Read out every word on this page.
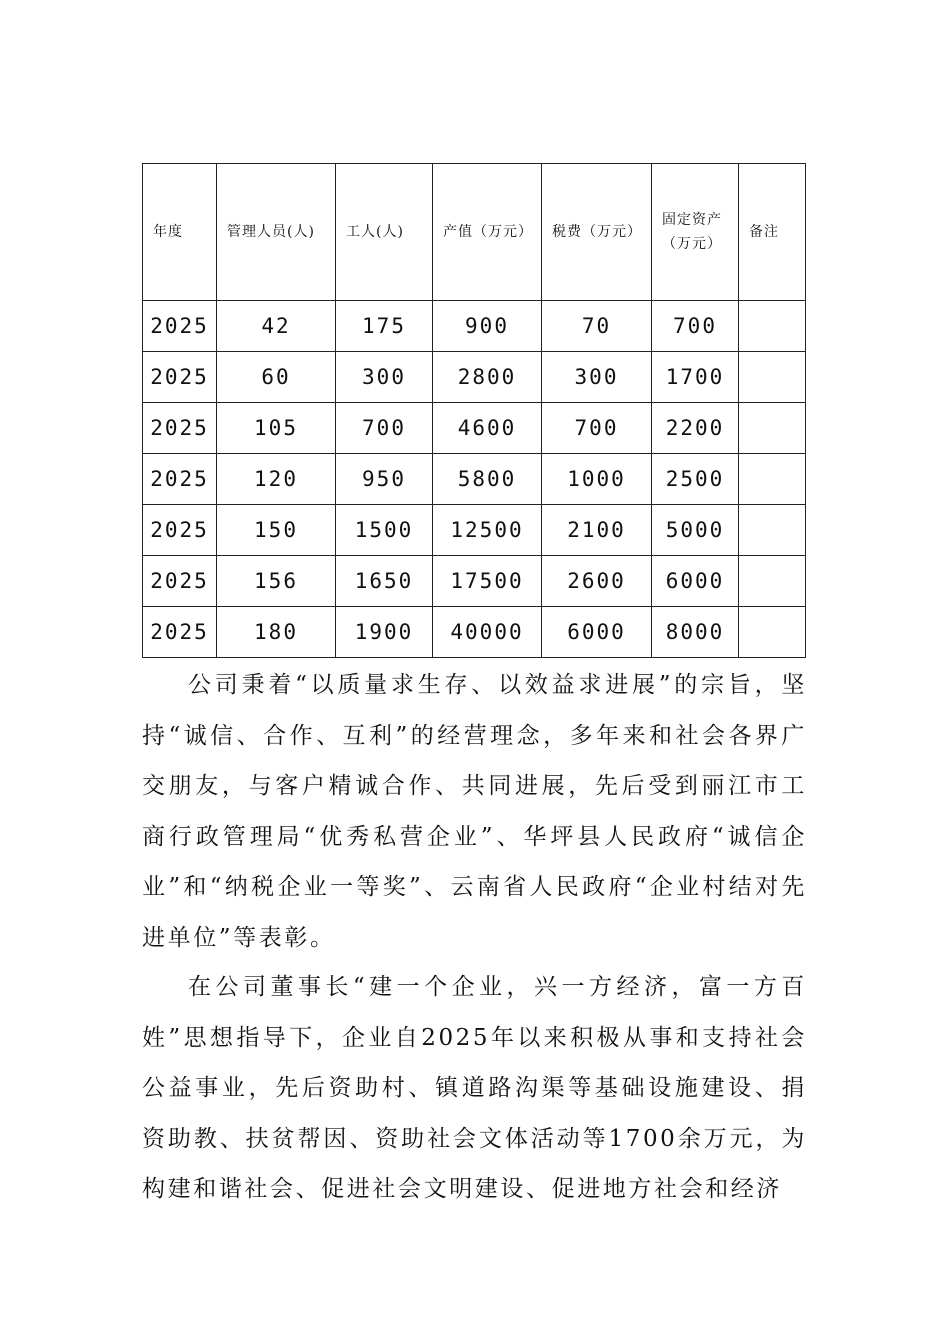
年度	管理人员(人)	工人(人)	产值（万元）	税费（万元）	固定资产（万元）	备注
2025	42	175	900	70	700	
2025	60	300	2800	300	1700	
2025	105	700	4600	700	2200	
2025	120	950	5800	1000	2500	
2025	150	1500	12500	2100	5000	
2025	156	1650	17500	2600	6000	
2025	180	1900	40000	6000	8000	

公司秉着“以质量求生存、以效益求进展”的宗旨，坚持“诚信、合作、互利”的经营理念，多年来和社会各界广交朋友，与客户精诚合作、共同进展，先后受到丽江市工商行政管理局“优秀私营企业”、华坪县人民政府“诚信企业”和“纳税企业一等奖”、云南省人民政府“企业村结对先进单位”等表彰。

在公司董事长“建一个企业，兴一方经济，富一方百姓”思想指导下，企业自2025年以来积极从事和支持社会公益事业，先后资助村、镇道路沟渠等基础设施建设、捐资助教、扶贫帮因、资助社会文体活动等1700余万元，为构建和谐社会、促进社会文明建设、促进地方社会和经济
